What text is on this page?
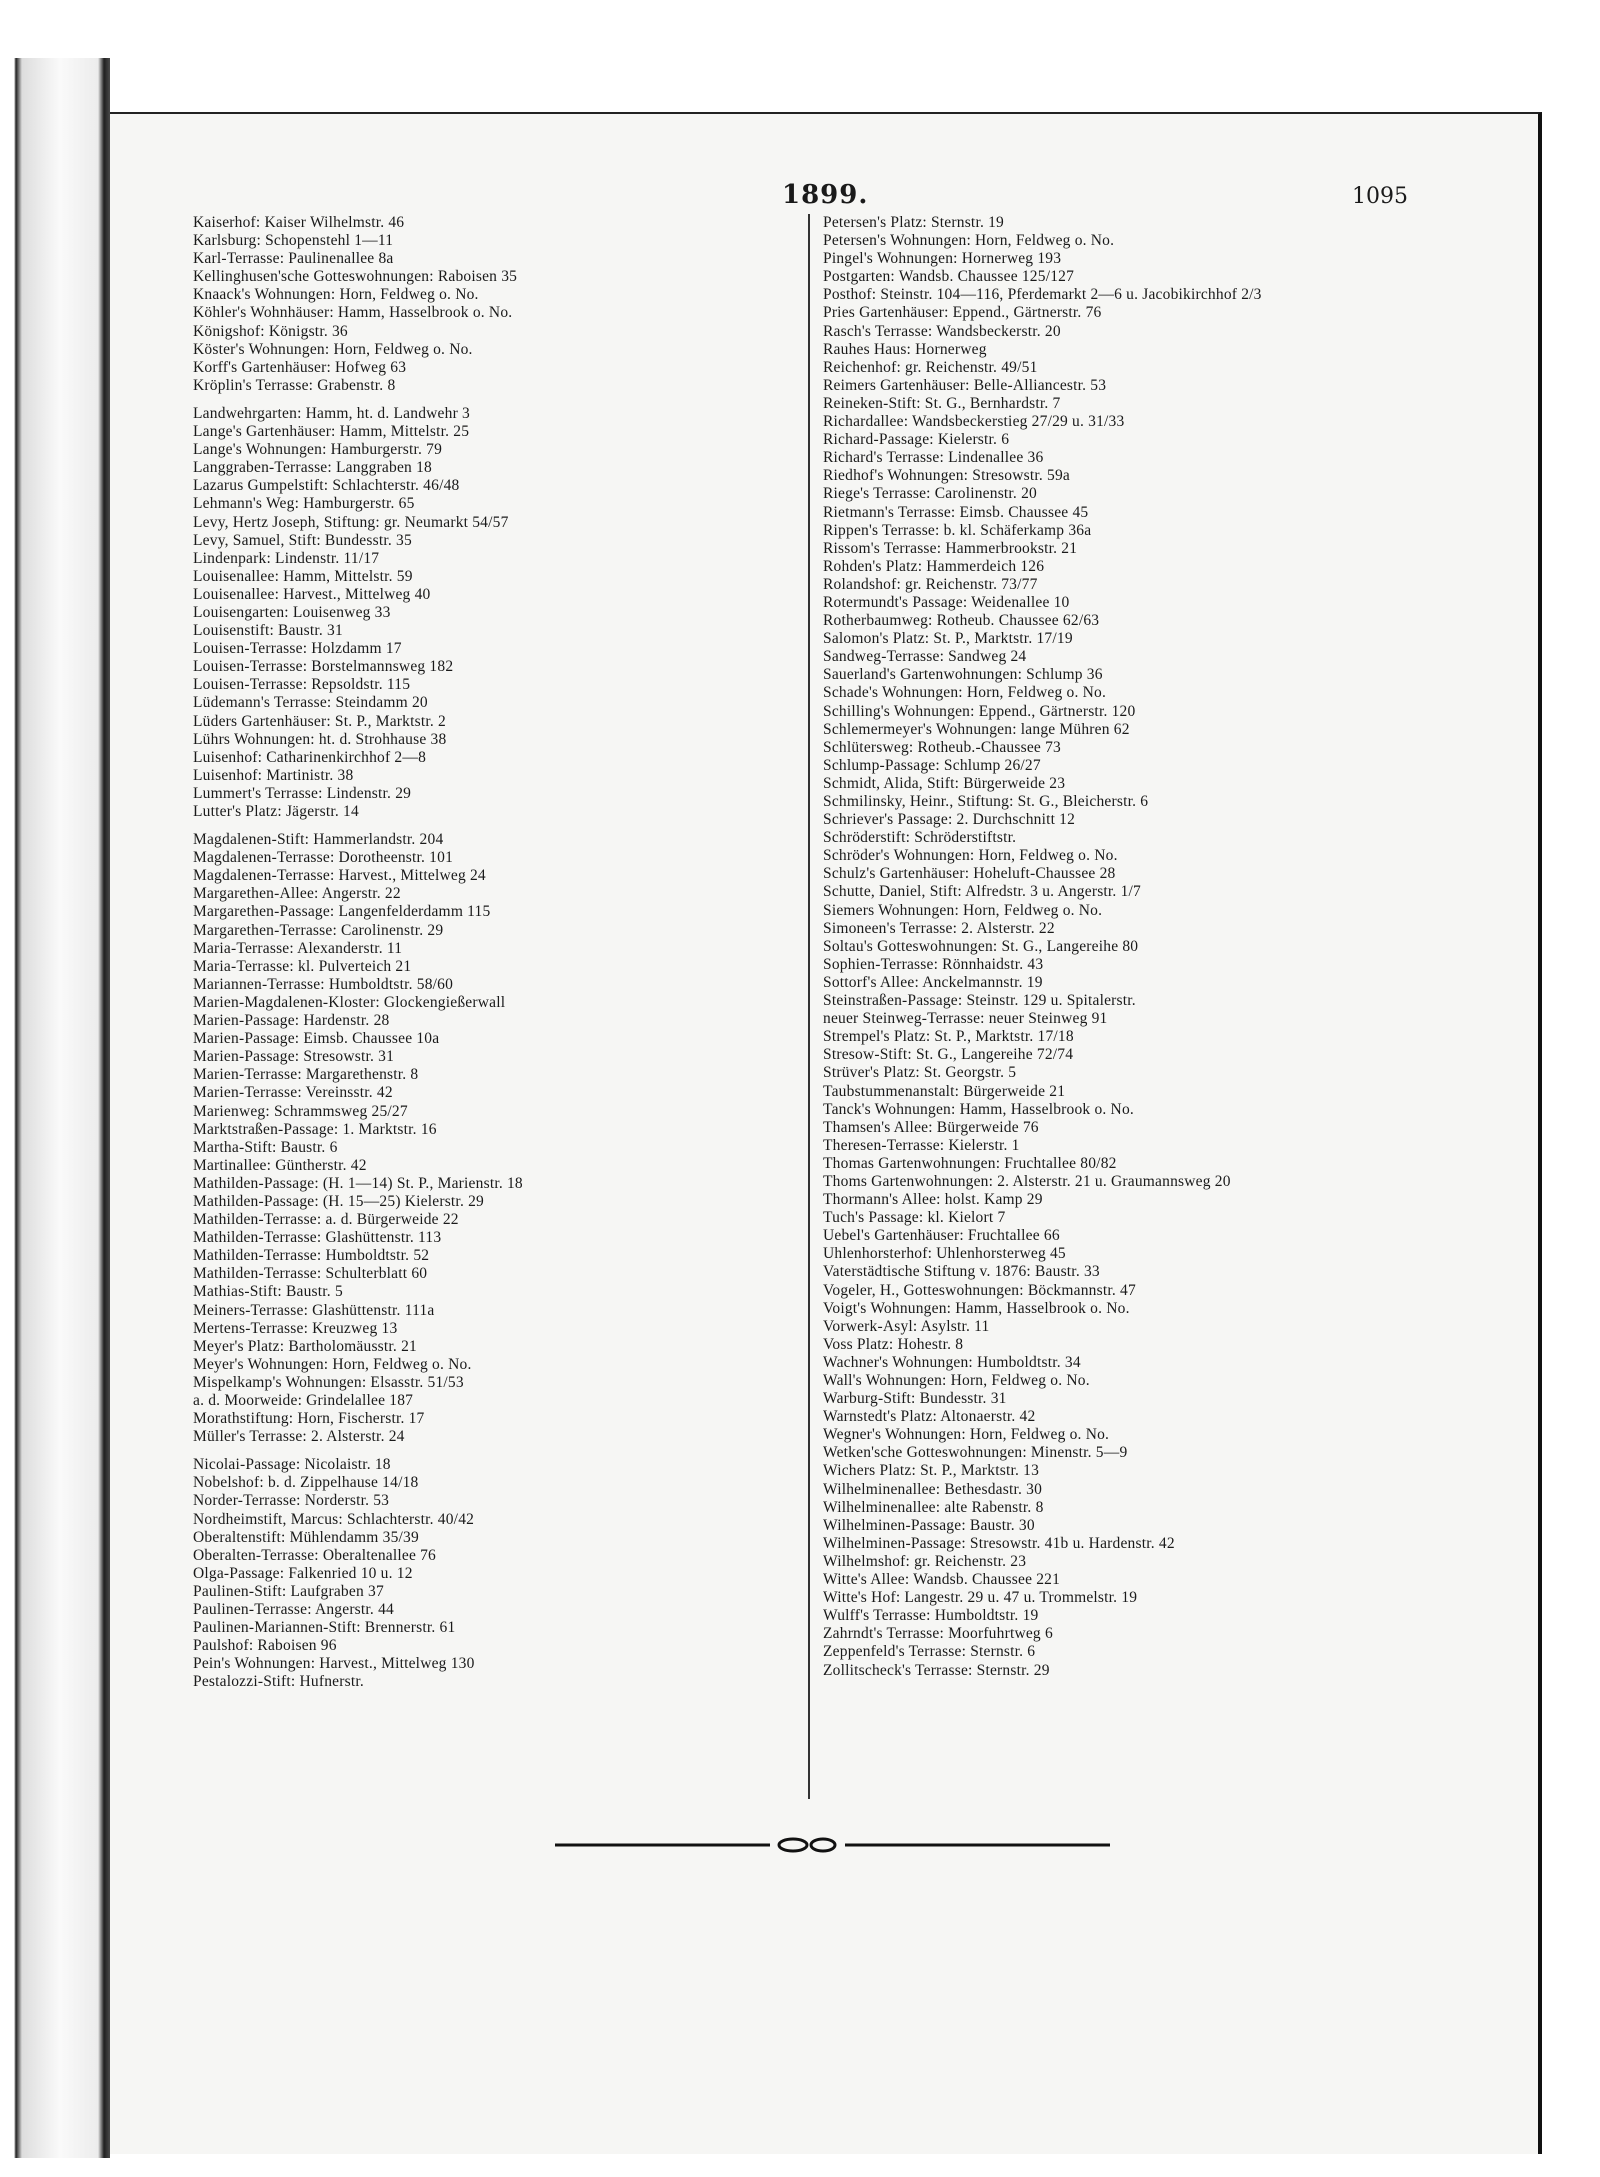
1899.	1095
Kaiserhof: Kaiser Wilhelmstr. 46
Karlsburg: Schopenstehl 1—11
Karl-Terrasse: Paulinenallee 8a
Kellinghusen'sche Gotteswohnungen: Raboisen 35
Knaack's Wohnungen: Horn, Feldweg o. No.
Köhler's Wohnhäuser: Hamm, Hasselbrook o. No.
Königshof: Königstr. 36
Köster's Wohnungen: Horn, Feldweg o. No.
Korff's Gartenhäuser: Hofweg 63
Kröplin's Terrasse: Grabenstr. 8
Landwehrgarten: Hamm, ht. d. Landwehr 3
Lange's Gartenhäuser: Hamm, Mittelstr. 25
Lange's Wohnungen: Hamburgerstr. 79
Langgraben-Terrasse: Langgraben 18
Lazarus Gumpelstift: Schlachterstr. 46/48
Lehmann's Weg: Hamburgerstr. 65
Levy, Hertz Joseph, Stiftung: gr. Neumarkt 54/57
Levy, Samuel, Stift: Bundesstr. 35
Lindenpark: Lindenstr. 11/17
Louisenallee: Hamm, Mittelstr. 59
Louisenallee: Harvest., Mittelweg 40
Louisengarten: Louisenweg 33
Louisenstift: Baustr. 31
Louisen-Terrasse: Holzdamm 17
Louisen-Terrasse: Borstelmannsweg 182
Louisen-Terrasse: Repsoldstr. 115
Lüdemann's Terrasse: Steindamm 20
Lüders Gartenhäuser: St. P., Marktstr. 2
Lührs Wohnungen: ht. d. Strohhause 38
Luisenhof: Catharinenkirchhof 2—8
Luisenhof: Martinistr. 38
Lummert's Terrasse: Lindenstr. 29
Lutter's Platz: Jägerstr. 14
Magdalenen-Stift: Hammerlandstr. 204
Magdalenen-Terrasse: Dorotheenstr. 101
Magdalenen-Terrasse: Harvest., Mittelweg 24
Margarethen-Allee: Angerstr. 22
Margarethen-Passage: Langenfelderdamm 115
Margarethen-Terrasse: Carolinenstr. 29
Maria-Terrasse: Alexanderstr. 11
Maria-Terrasse: kl. Pulverteich 21
Mariannen-Terrasse: Humboldtstr. 58/60
Marien-Magdalenen-Kloster: Glockengießerwall
Marien-Passage: Hardenstr. 28
Marien-Passage: Eimsb. Chaussee 10a
Marien-Passage: Stresowstr. 31
Marien-Terrasse: Margarethenstr. 8
Marien-Terrasse: Vereinsstr. 42
Marienweg: Schrammsweg 25/27
Marktstraßen-Passage: 1. Marktstr. 16
Martha-Stift: Baustr. 6
Martinallee: Güntherstr. 42
Mathilden-Passage: (H. 1—14) St. P., Marienstr. 18
Mathilden-Passage: (H. 15—25) Kielerstr. 29
Mathilden-Terrasse: a. d. Bürgerweide 22
Mathilden-Terrasse: Glashüttenstr. 113
Mathilden-Terrasse: Humboldtstr. 52
Mathilden-Terrasse: Schulterblatt 60
Mathias-Stift: Baustr. 5
Meiners-Terrasse: Glashüttenstr. 111a
Mertens-Terrasse: Kreuzweg 13
Meyer's Platz: Bartholomäusstr. 21
Meyer's Wohnungen: Horn, Feldweg o. No.
Mispelkamp's Wohnungen: Elsasstr. 51/53
a. d. Moorweide: Grindelallee 187
Morathstiftung: Horn, Fischerstr. 17
Müller's Terrasse: 2. Alsterstr. 24
Nicolai-Passage: Nicolaistr. 18
Nobelshof: b. d. Zippelhause 14/18
Norder-Terrasse: Norderstr. 53
Nordheimstift, Marcus: Schlachterstr. 40/42
Oberaltenstift: Mühlendamm 35/39
Oberalten-Terrasse: Oberaltenallee 76
Olga-Passage: Falkenried 10 u. 12
Paulinen-Stift: Laufgraben 37
Paulinen-Terrasse: Angerstr. 44
Paulinen-Mariannen-Stift: Brennerstr. 61
Paulshof: Raboisen 96
Pein's Wohnungen: Harvest., Mittelweg 130
Pestalozzi-Stift: Hufnerstr.
Petersen's Platz: Sternstr. 19
Petersen's Wohnungen: Horn, Feldweg o. No.
Pingel's Wohnungen: Hornerweg 193
Postgarten: Wandsb. Chaussee 125/127
Posthof: Steinstr. 104—116, Pferdemarkt 2—6 u. Jacobikirchhof 2/3
Pries Gartenhäuser: Eppend., Gärtnerstr. 76
Rasch's Terrasse: Wandsbeckerstr. 20
Rauhes Haus: Hornerweg
Reichenhof: gr. Reichenstr. 49/51
Reimers Gartenhäuser: Belle-Alliancestr. 53
Reineken-Stift: St. G., Bernhardstr. 7
Richardallee: Wandsbeckerstieg 27/29 u. 31/33
Richard-Passage: Kielerstr. 6
Richard's Terrasse: Lindenallee 36
Riedhof's Wohnungen: Stresowstr. 59a
Riege's Terrasse: Carolinenstr. 20
Rietmann's Terrasse: Eimsb. Chaussee 45
Rippen's Terrasse: b. kl. Schäferkamp 36a
Rissom's Terrasse: Hammerbrookstr. 21
Rohden's Platz: Hammerdeich 126
Rolandshof: gr. Reichenstr. 73/77
Rotermundt's Passage: Weidenallee 10
Rotherbaumweg: Rotheub. Chaussee 62/63
Salomon's Platz: St. P., Marktstr. 17/19
Sandweg-Terrasse: Sandweg 24
Sauerland's Gartenwohnungen: Schlump 36
Schade's Wohnungen: Horn, Feldweg o. No.
Schilling's Wohnungen: Eppend., Gärtnerstr. 120
Schlemermeyer's Wohnungen: lange Mühren 62
Schlütersweg: Rotheub.-Chaussee 73
Schlump-Passage: Schlump 26/27
Schmidt, Alida, Stift: Bürgerweide 23
Schmilinsky, Heinr., Stiftung: St. G., Bleicherstr. 6
Schriever's Passage: 2. Durchschnitt 12
Schröderstift: Schröderstiftstr.
Schröder's Wohnungen: Horn, Feldweg o. No.
Schulz's Gartenhäuser: Hoheluft-Chaussee 28
Schutte, Daniel, Stift: Alfredstr. 3 u. Angerstr. 1/7
Siemers Wohnungen: Horn, Feldweg o. No.
Simoneen's Terrasse: 2. Alsterstr. 22
Soltau's Gotteswohnungen: St. G., Langereihe 80
Sophien-Terrasse: Rönnhaidstr. 43
Sottorf's Allee: Anckelmannstr. 19
Steinstraßen-Passage: Steinstr. 129 u. Spitalerstr.
neuer Steinweg-Terrasse: neuer Steinweg 91
Strempel's Platz: St. P., Marktstr. 17/18
Stresow-Stift: St. G., Langereihe 72/74
Strüver's Platz: St. Georgstr. 5
Taubstummenanstalt: Bürgerweide 21
Tanck's Wohnungen: Hamm, Hasselbrook o. No.
Thamsen's Allee: Bürgerweide 76
Theresen-Terrasse: Kielerstr. 1
Thomas Gartenwohnungen: Fruchtallee 80/82
Thoms Gartenwohnungen: 2. Alsterstr. 21 u. Graumannsweg 20
Thormann's Allee: holst. Kamp 29
Tuch's Passage: kl. Kielort 7
Uebel's Gartenhäuser: Fruchtallee 66
Uhlenhorsterhof: Uhlenhorsterweg 45
Vaterstädtische Stiftung v. 1876: Baustr. 33
Vogeler, H., Gotteswohnungen: Böckmannstr. 47
Voigt's Wohnungen: Hamm, Hasselbrook o. No.
Vorwerk-Asyl: Asylstr. 11
Voss Platz: Hohestr. 8
Wachner's Wohnungen: Humboldtstr. 34
Wall's Wohnungen: Horn, Feldweg o. No.
Warburg-Stift: Bundesstr. 31
Warnstedt's Platz: Altonaerstr. 42
Wegner's Wohnungen: Horn, Feldweg o. No.
Wetken'sche Gotteswohnungen: Minenstr. 5—9
Wichers Platz: St. P., Marktstr. 13
Wilhelminenallee: Bethesdastr. 30
Wilhelminenallee: alte Rabenstr. 8
Wilhelminen-Passage: Baustr. 30
Wilhelminen-Passage: Stresowstr. 41b u. Hardenstr. 42
Wilhelmshof: gr. Reichenstr. 23
Witte's Allee: Wandsb. Chaussee 221
Witte's Hof: Langestr. 29 u. 47 u. Trommelstr. 19
Wulff's Terrasse: Humboldtstr. 19
Zahrndt's Terrasse: Moorfuhrtweg 6
Zeppenfeld's Terrasse: Sternstr. 6
Zollitscheck's Terrasse: Sternstr. 29
